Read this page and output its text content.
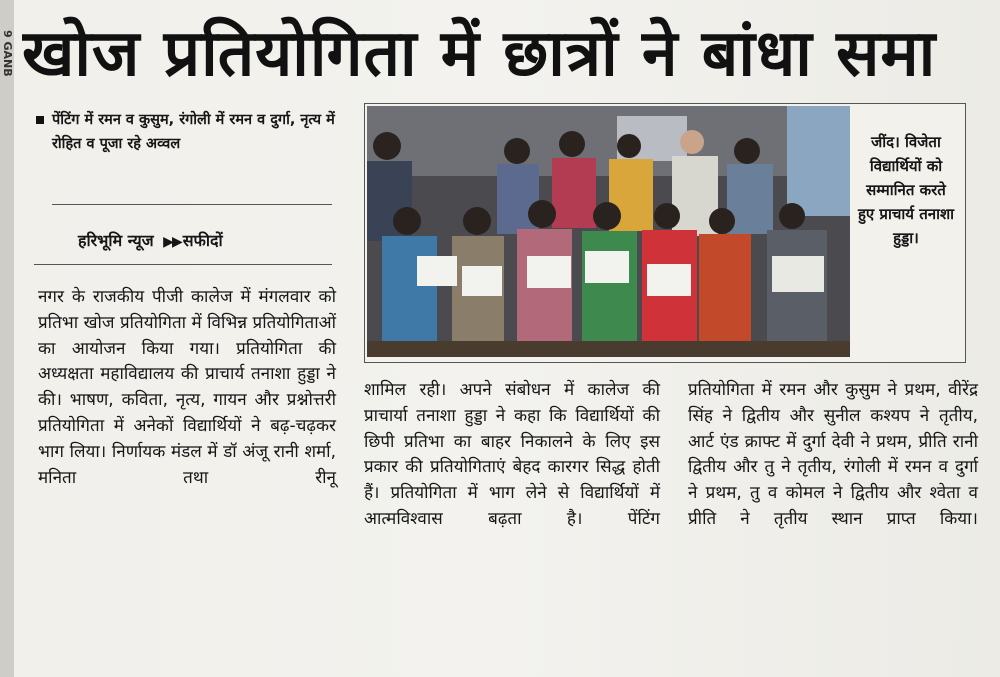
9 GANB खोज प्रतियोगिता में छात्रों ने बांधा समा
पेंटिंग में रमन व कुसुम, रंगोली में रमन व दुर्गा, नृत्य में रोहित व पूजा रहे अव्वल
हरिभूमि न्यूज ▶▶ सफीदों
जींद। विजेता विद्यार्थियों को सम्मानित करते हुए प्राचार्य तनाशा हुड्डा।
नगर के राजकीय पीजी कालेज में मंगलवार को प्रतिभा खोज प्रतियोगिता में विभिन्न प्रतियोगिताओं का आयोजन किया गया। प्रतियोगिता की अध्यक्षता महाविद्यालय की प्राचार्य तनाशा हुड्डा ने की। भाषण, कविता, नृत्य, गायन और प्रश्नोत्तरी प्रतियोगिता में अनेकों विद्यार्थियों ने बढ़-चढ़कर भाग लिया। निर्णायक मंडल में डॉ अंजू रानी शर्मा, मनिता तथा रीनू
शामिल रही। अपने संबोधन में कालेज की प्राचार्या तनाशा हुड्डा ने कहा कि विद्यार्थियों की छिपी प्रतिभा का बाहर निकालने के लिए इस प्रकार की प्रतियोगिताएं बेहद कारगर सिद्ध होती हैं। प्रतियोगिता में भाग लेने से विद्यार्थियों में आत्मविश्वास बढ़ता है। पेंटिंग
प्रतियोगिता में रमन और कुसुम ने प्रथम, वीरेंद्र सिंह ने द्वितीय और सुनील कश्यप ने तृतीय, आर्ट एंड क्राफ्ट में दुर्गा देवी ने प्रथम, प्रीति रानी द्वितीय और तु ने तृतीय, रंगोली में रमन व दुर्गा ने प्रथम, तु व कोमल ने द्वितीय और श्वेता व प्रीति ने तृतीय स्थान प्राप्त किया।
